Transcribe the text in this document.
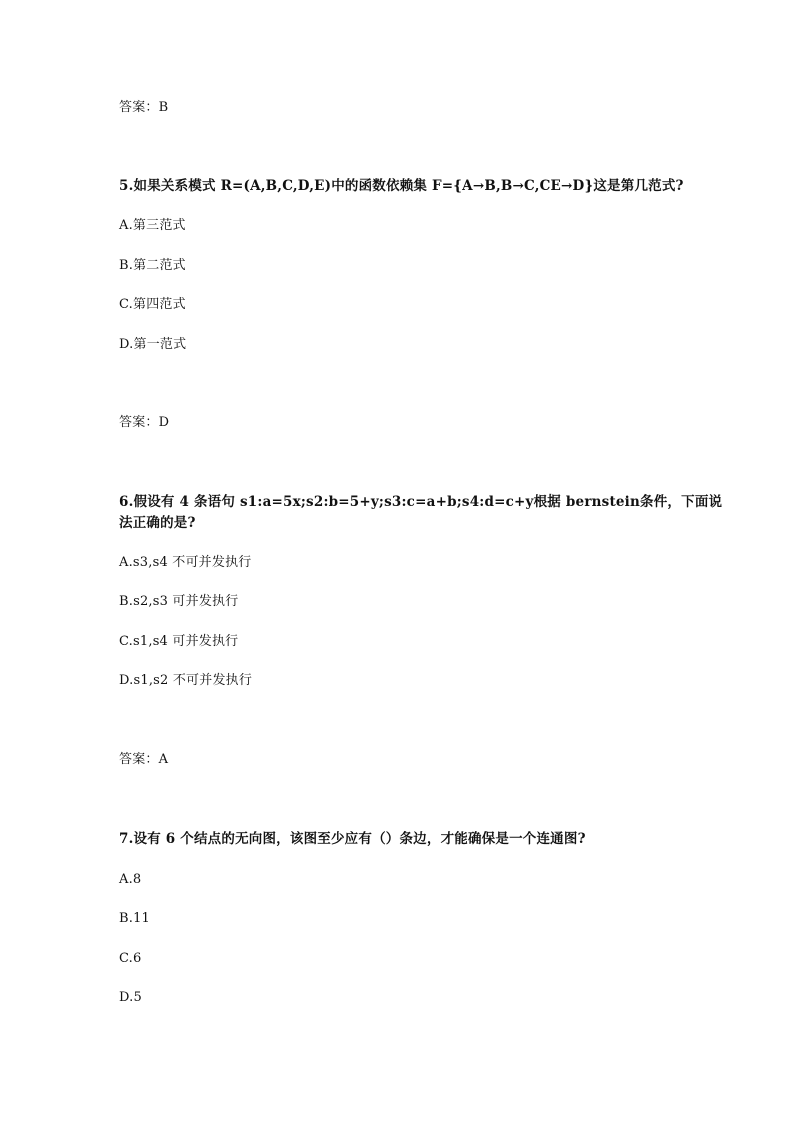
答案：B
5.如果关系模式 R=(A,B,C,D,E)中的函数依赖集 F={A→B,B→C,CE→D}这是第几范式?
A.第三范式
B.第二范式
C.第四范式
D.第一范式
答案：D
6.假设有 4 条语句 s1:a=5x;s2:b=5+y;s3:c=a+b;s4:d=c+y根据 bernstein条件，下面说
法正确的是?
A.s3,s4 不可并发执行
B.s2,s3 可并发执行
C.s1,s4 可并发执行
D.s1,s2 不可并发执行
答案：A
7.设有 6 个结点的无向图，该图至少应有（）条边，才能确保是一个连通图?
A.8
B.11
C.6
D.5
